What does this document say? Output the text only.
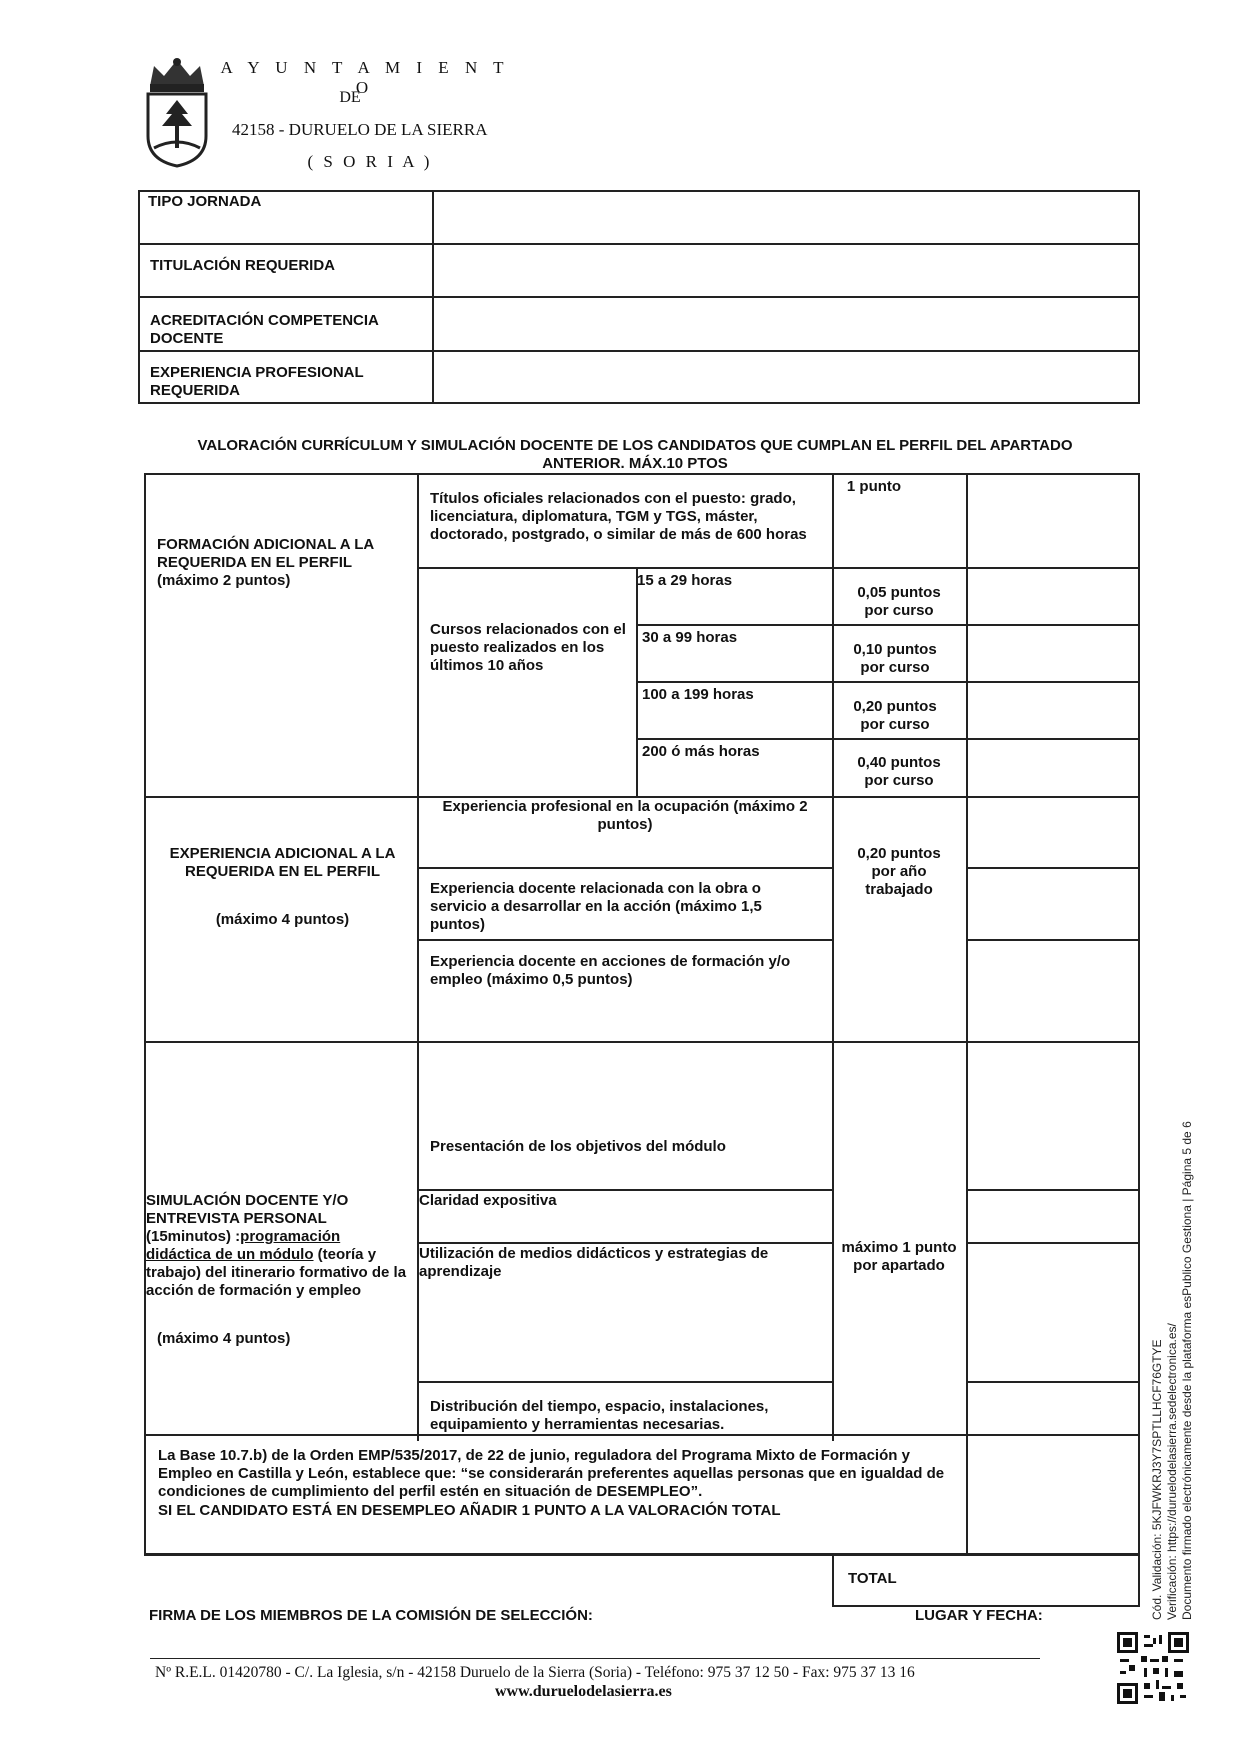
A Y U N T A M I E N T O
DE
42158 - DURUELO DE LA SIERRA
( S O R I A )
TIPO JORNADA
TITULACIÓN REQUERIDA
ACREDITACIÓN COMPETENCIA DOCENTE
EXPERIENCIA PROFESIONAL REQUERIDA
VALORACIÓN CURRÍCULUM Y SIMULACIÓN DOCENTE DE LOS CANDIDATOS QUE CUMPLAN EL PERFIL DEL APARTADO
ANTERIOR. MÁX.10 PTOS
FORMACIÓN ADICIONAL A LA
REQUERIDA EN EL PERFIL
(máximo 2 puntos)
Títulos oficiales relacionados con el puesto: grado, licenciatura, diplomatura, TGM y TGS, máster, doctorado, postgrado, o similar de más de 600 horas
1 punto
Cursos relacionados con el puesto realizados en los últimos 10 años
15 a 29 horas
0,05 puntos
por curso
30 a 99 horas
0,10 puntos
por curso
100 a 199 horas
0,20 puntos
por curso
200 ó más horas
0,40 puntos
por curso
EXPERIENCIA ADICIONAL A LA
REQUERIDA EN EL PERFIL
(máximo 4 puntos)
Experiencia profesional en la ocupación (máximo 2 puntos)
Experiencia docente relacionada con la obra o servicio a desarrollar en la acción (máximo 1,5 puntos)
Experiencia docente en acciones de formación y/o empleo (máximo 0,5 puntos)
0,20 puntos
por año
trabajado
SIMULACIÓN DOCENTE Y/O ENTREVISTA PERSONAL (15minutos) :programación didáctica de un módulo (teoría y trabajo) del itinerario formativo de la acción de formación y empleo
(máximo 4 puntos)
Presentación de los objetivos del módulo
Claridad expositiva
Utilización de medios didácticos y estrategias de aprendizaje
Distribución del tiempo, espacio, instalaciones, equipamiento y herramientas necesarias.
máximo 1 punto
por apartado
La Base 10.7.b) de la Orden EMP/535/2017, de 22 de junio, reguladora del Programa Mixto de Formación y Empleo en Castilla y León, establece que: “se considerarán preferentes aquellas personas que en igualdad de condiciones de cumplimiento del perfil estén en situación de DESEMPLEO”.
SI EL CANDIDATO ESTÁ EN DESEMPLEO AÑADIR 1 PUNTO A LA VALORACIÓN TOTAL
TOTAL
FIRMA DE LOS MIEMBROS DE LA COMISIÓN DE SELECCIÓN:	LUGAR Y FECHA:
Nº R.E.L. 01420780 - C/. La Iglesia, s/n - 42158 Duruelo de la Sierra (Soria) - Teléfono: 975 37 12 50 - Fax: 975 37 13 16
www.duruelodelasierra.es
Cód. Validación: 5KJFWKRJ3Y7SPTLLHCF76GTYE Verificación: https://duruelodelasierra.sedelectronica.es/ Documento firmado electrónicamente desde la plataforma esPublico Gestiona | Página 5 de 6
